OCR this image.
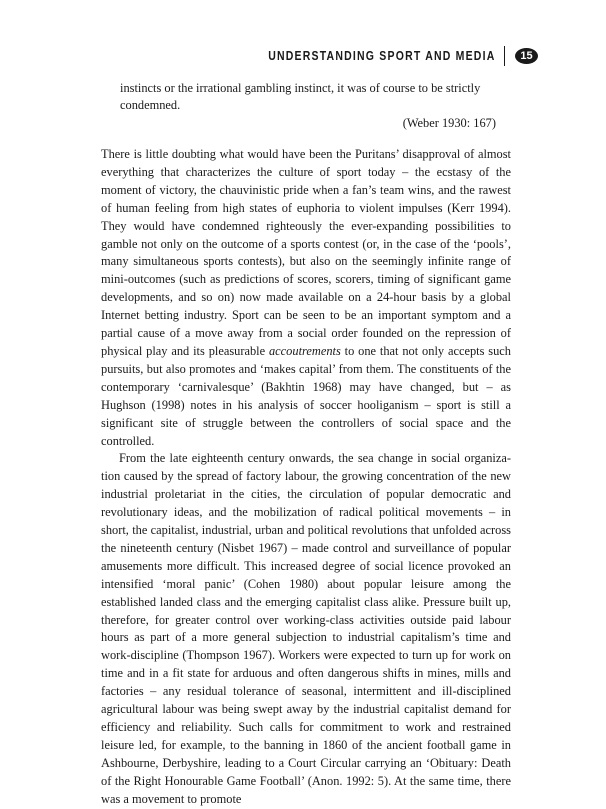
UNDERSTANDING SPORT AND MEDIA	15

instincts or the irrational gambling instinct, it was of course to be strictly condemned.

(Weber 1930: 167)

There is little doubting what would have been the Puritans’ disapproval of almost everything that characterizes the culture of sport today – the ecstasy of the moment of victory, the chauvinistic pride when a fan’s team wins, and the rawest of human feeling from high states of euphoria to violent impulses (Kerr 1994). They would have condemned righteously the ever-expanding possibilities to gamble not only on the outcome of a sports contest (or, in the case of the ‘pools’, many simultaneous sports contests), but also on the seemingly infinite range of mini-outcomes (such as predictions of scores, scorers, timing of significant game developments, and so on) now made available on a 24-hour basis by a global Internet betting industry. Sport can be seen to be an important symptom and a partial cause of a move away from a social order founded on the repression of physical play and its pleasurable accoutrements to one that not only accepts such pursuits, but also promotes and ‘makes capital’ from them. The constituents of the contemporary ‘carnivalesque’ (Bakhtin 1968) may have changed, but – as Hughson (1998) notes in his analysis of soccer hooliganism – sport is still a significant site of struggle between the controllers of social space and the controlled.

From the late eighteenth century onwards, the sea change in social organization caused by the spread of factory labour, the growing concentration of the new industrial proletariat in the cities, the circulation of popular democratic and revolutionary ideas, and the mobilization of radical political movements – in short, the capitalist, industrial, urban and political revolutions that unfolded across the nineteenth century (Nisbet 1967) – made control and surveillance of popular amusements more difficult. This increased degree of social licence provoked an intensified ‘moral panic’ (Cohen 1980) about popular leisure among the established landed class and the emerging capitalist class alike. Pressure built up, therefore, for greater control over working-class activities outside paid labour hours as part of a more general subjection to industrial capitalism’s time and work-discipline (Thompson 1967). Workers were expected to turn up for work on time and in a fit state for arduous and often dangerous shifts in mines, mills and factories – any residual tolerance of seasonal, intermittent and ill-disciplined agricultural labour was being swept away by the industrial capitalist demand for efficiency and reliability. Such calls for commitment to work and restrained leisure led, for example, to the banning in 1860 of the ancient football game in Ashbourne, Derbyshire, leading to a Court Circular carrying an ‘Obituary: Death of the Right Honourable Game Football’ (Anon. 1992: 5). At the same time, there was a movement to promote
